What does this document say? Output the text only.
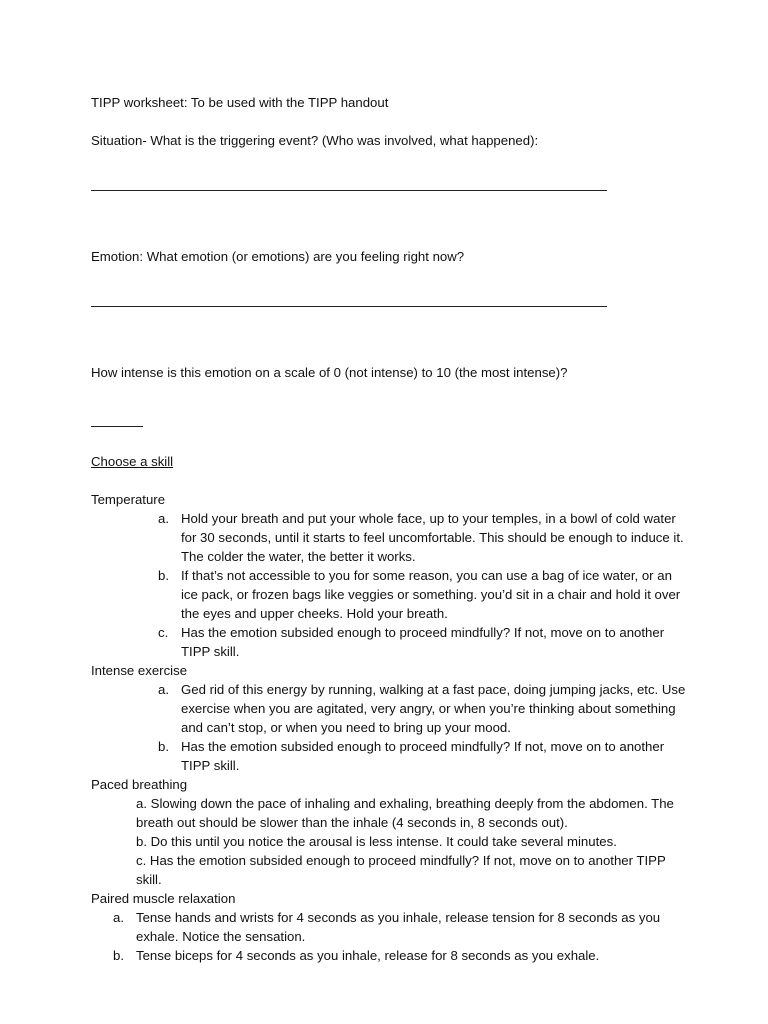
TIPP worksheet: To be used with the TIPP handout

Situation- What is the triggering event? (Who was involved, what happened):

Emotion: What emotion (or emotions) are you feeling right now?

How intense is this emotion on a scale of 0 (not intense) to 10 (the most intense)?

Choose a skill

Temperature

a. Hold your breath and put your whole face, up to your temples, in a bowl of cold water for 30 seconds, until it starts to feel uncomfortable. This should be enough to induce it. The colder the water, the better it works.
b. If that’s not accessible to you for some reason, you can use a bag of ice water, or an ice pack, or frozen bags like veggies or something. you’d sit in a chair and hold it over the eyes and upper cheeks. Hold your breath.
c. Has the emotion subsided enough to proceed mindfully? If not, move on to another TIPP skill.

Intense exercise

a. Ged rid of this energy by running, walking at a fast pace, doing jumping jacks, etc. Use exercise when you are agitated, very angry, or when you’re thinking about something and can’t stop, or when you need to bring up your mood.
b. Has the emotion subsided enough to proceed mindfully? If not, move on to another TIPP skill.

Paced breathing

a. Slowing down the pace of inhaling and exhaling, breathing deeply from the abdomen. The breath out should be slower than the inhale (4 seconds in, 8 seconds out).

b. Do this until you notice the arousal is less intense. It could take several minutes.

c. Has the emotion subsided enough to proceed mindfully? If not, move on to another TIPP skill.

Paired muscle relaxation

a. Tense hands and wrists for 4 seconds as you inhale, release tension for 8 seconds as you exhale. Notice the sensation.
b. Tense biceps for 4 seconds as you inhale, release for 8 seconds as you exhale.
